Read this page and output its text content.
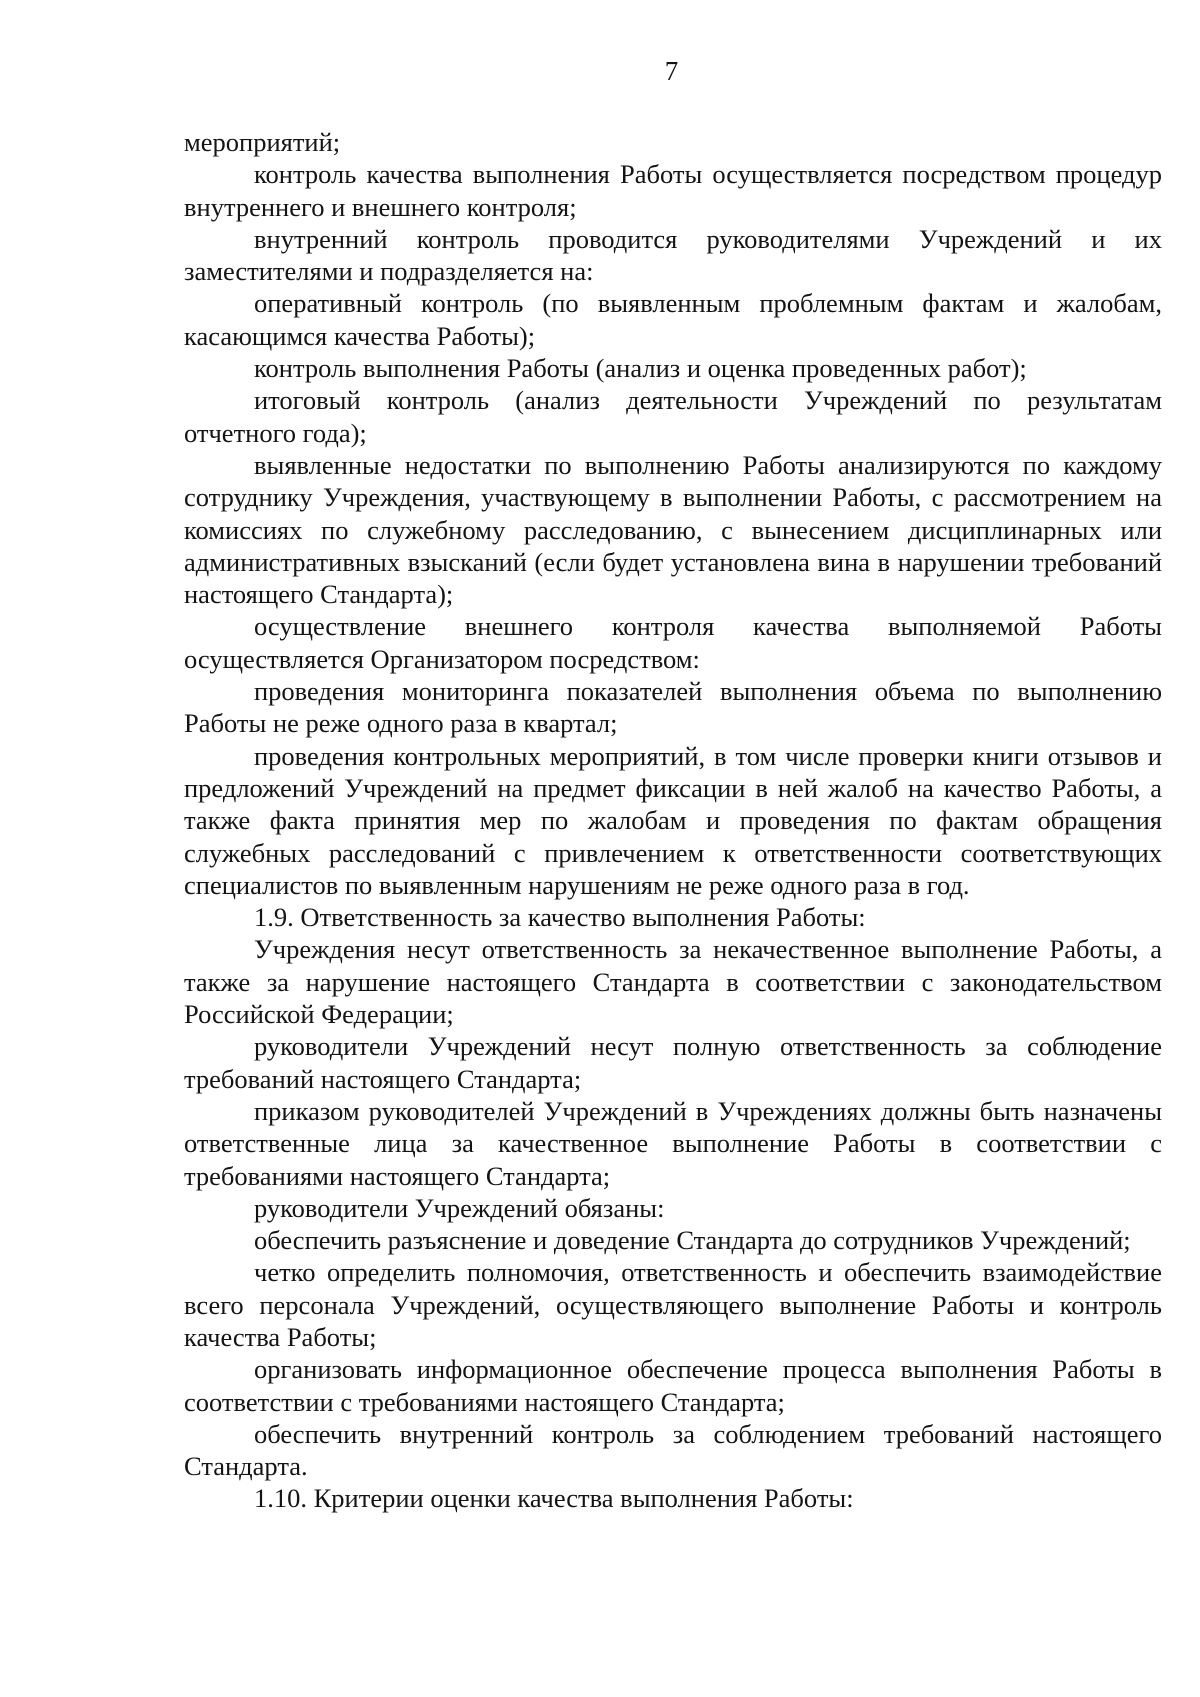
7

мероприятий;

контроль качества выполнения Работы осуществляется посредством процедур внутреннего и внешнего контроля;

внутренний контроль проводится руководителями Учреждений и их заместителями и подразделяется на:

оперативный контроль (по выявленным проблемным фактам и жалобам, касающимся качества Работы);

контроль выполнения Работы (анализ и оценка проведенных работ);

итоговый контроль (анализ деятельности Учреждений по результатам отчетного года);

выявленные недостатки по выполнению Работы анализируются по каждому сотруднику Учреждения, участвующему в выполнении Работы, с рассмотрением на комиссиях по служебному расследованию, с вынесением дисциплинарных или административных взысканий (если будет установлена вина в нарушении требований настоящего Стандарта);

осуществление внешнего контроля качества выполняемой Работы осуществляется Организатором посредством:

проведения мониторинга показателей выполнения объема по выполнению Работы не реже одного раза в квартал;

проведения контрольных мероприятий, в том числе проверки книги отзывов и предложений Учреждений на предмет фиксации в ней жалоб на качество Работы, а также факта принятия мер по жалобам и проведения по фактам обращения служебных расследований с привлечением к ответственности соответствующих специалистов по выявленным нарушениям не реже одного раза в год.

1.9. Ответственность за качество выполнения Работы:

Учреждения несут ответственность за некачественное выполнение Работы, а также за нарушение настоящего Стандарта в соответствии с законодательством Российской Федерации;

руководители Учреждений несут полную ответственность за соблюдение требований настоящего Стандарта;

приказом руководителей Учреждений в Учреждениях должны быть назначены ответственные лица за качественное выполнение Работы в соответствии с требованиями настоящего Стандарта;

руководители Учреждений обязаны:

обеспечить разъяснение и доведение Стандарта до сотрудников Учреждений;

четко определить полномочия, ответственность и обеспечить взаимодействие всего персонала Учреждений, осуществляющего выполнение Работы и контроль качества Работы;

организовать информационное обеспечение процесса выполнения Работы в соответствии с требованиями настоящего Стандарта;

обеспечить внутренний контроль за соблюдением требований настоящего Стандарта.

1.10. Критерии оценки качества выполнения Работы:
